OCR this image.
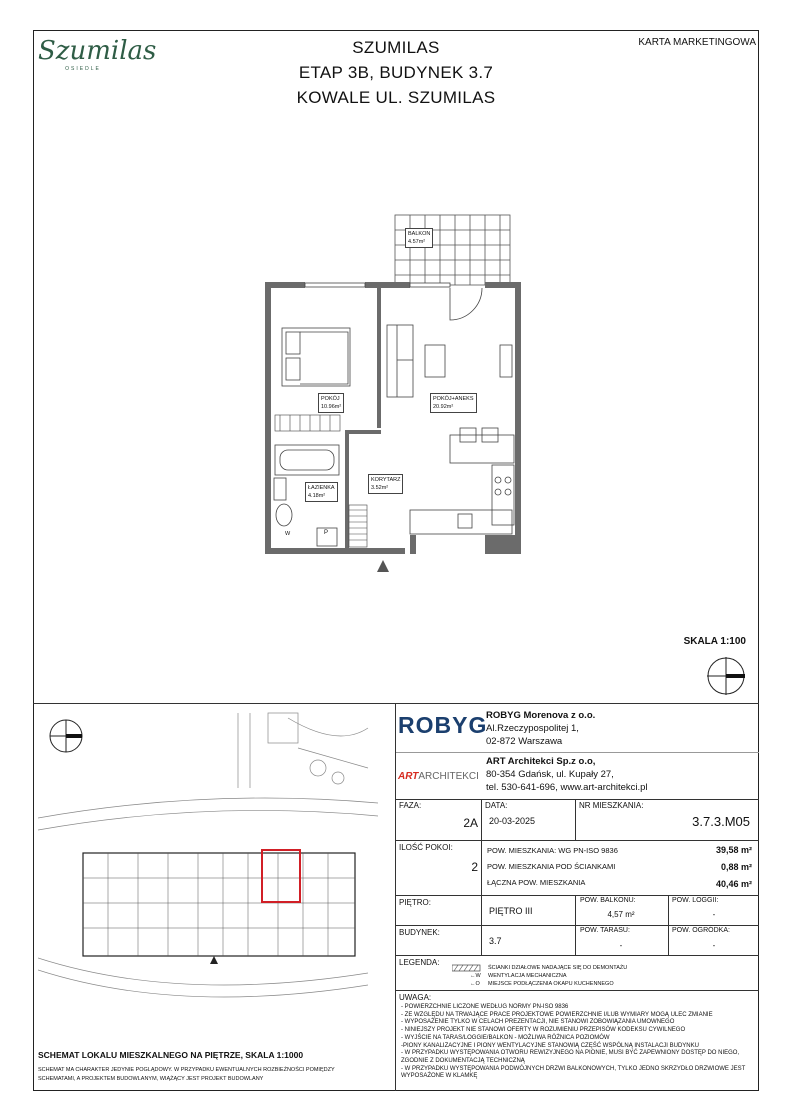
Szumilas
OSIEDLE
SZUMILAS
ETAP 3B, BUDYNEK 3.7
KOWALE UL. SZUMILAS
KARTA MARKETINGOWA
BALKON
4.57m²
POKÓJ
10.96m²
POKÓJ+ANEKS
20.92m²
KORYTARZ
3.52m²
ŁAZIENKA
4.18m²
W	P
SKALA 1:100
SCHEMAT LOKALU MIESZKALNEGO NA PIĘTRZE, SKALA 1:1000
SCHEMAT MA CHARAKTER JEDYNIE POGLĄDOWY. W PRZYPADKU EWENTUALNYCH ROZBIEŻNOŚCI POMIĘDZY
SCHEMATAMI, A PROJEKTEM BUDOWLANYM, WIĄŻĄCY JEST PROJEKT BUDOWLANY
ROBYG
ROBYG Morenova z o.o.
Al.Rzeczypospolitej 1,
02-872 Warszawa
ARTARCHITEKCI
ART Architekci Sp.z o.o,
80-354 Gdańsk, ul. Kupały 27,
tel. 530-641-696, www.art-architekci.pl
FAZA:
2A
DATA:
20-03-2025
NR MIESZKANIA:
3.7.3.M05
ILOŚĆ POKOI:
2
POW. MIESZKANIA: WG PN-ISO 9836	39,58 m²
POW. MIESZKANIA POD ŚCIANKAMI	0,88 m²
ŁĄCZNA POW. MIESZKANIA	40,46 m²
PIĘTRO:
PIĘTRO III
POW. BALKONU:
4,57 m²
POW. LOGGII:
-
BUDYNEK:
3.7
POW. TARASU:
-
POW. OGRÓDKA:
-
LEGENDA:
ŚCIANKI DZIAŁOWE NADAJĄCE SIĘ DO DEMONTAŻU
←W WENTYLACJA MECHANICZNA
←O MIEJSCE PODŁĄCZENIA OKAPU KUCHENNEGO
UWAGA:
- POWIERZCHNIE LICZONE WEDŁUG NORMY PN-ISO 9836
- ZE WZGLĘDU NA TRWAJĄCE PRACE PROJEKTOWE POWIERZCHNIE I/LUB WYMIARY MOGĄ ULEC ZMIANIE
- WYPOSAŻENIE TYLKO W CELACH PREZENTACJI, NIE STANOWI ZOBOWIĄZANIA UMOWNEGO
- NINIEJSZY PROJEKT NIE STANOWI OFERTY W ROZUMIENIU PRZEPISÓW KODEKSU CYWILNEGO
- WYJŚCIE NA TARAS/LOGGIE/BALKON - MOŻLIWA RÓŻNICA POZIOMÓW
-PIONY KANALIZACYJNE I PIONY WENTYLACYJNE STANOWIĄ CZĘŚĆ WSPÓLNĄ INSTALACJI BUDYNKU
- W PRZYPADKU WYSTĘPOWANIA OTWORU REWIZYJNEGO NA PIONIE, MUSI BYĆ ZAPEWNIONY DOSTĘP DO NIEGO,
ZGODNIE Z DOKUMENTACJĄ TECHNICZNĄ
- W PRZYPADKU WYSTĘPOWANIA PODWÓJNYCH DRZWI BALKONOWYCH, TYLKO JEDNO SKRZYDŁO DRZWIOWE JEST
WYPOSAŻONE W KLAMKĘ
